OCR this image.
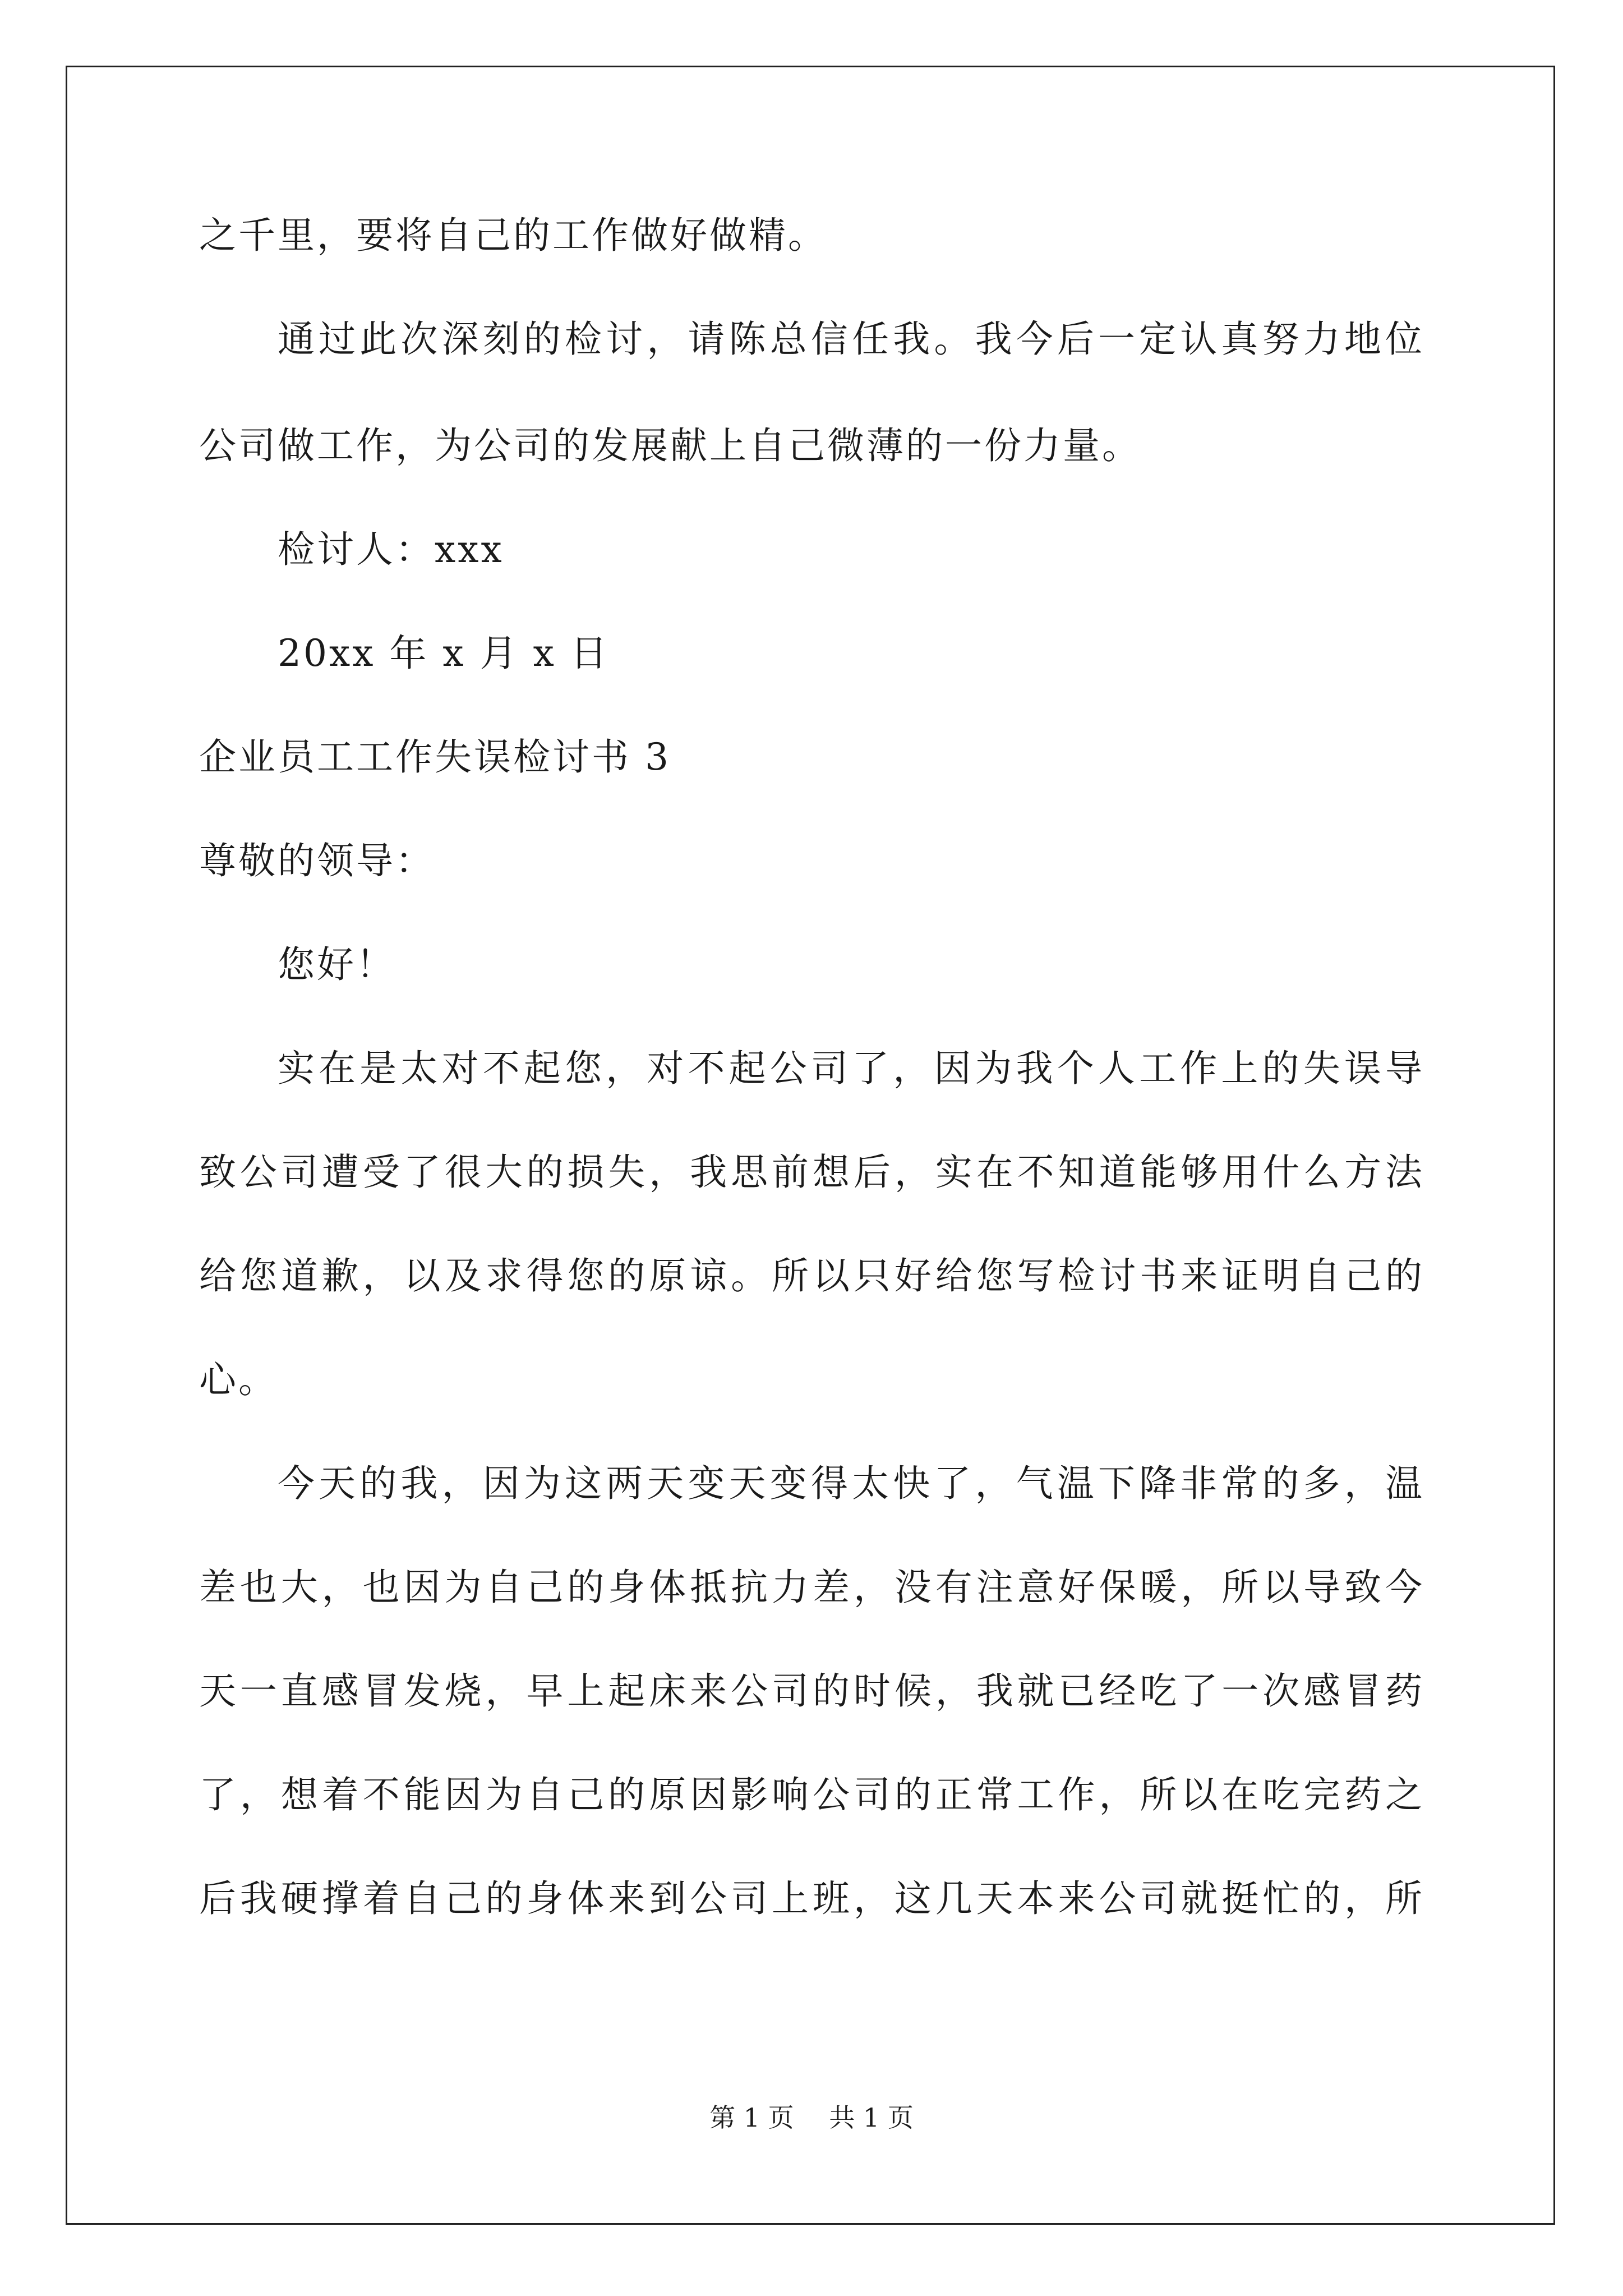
之千里，要将自己的工作做好做精。
通过此次深刻的检讨，请陈总信任我。我今后一定认真努力地位
公司做工作，为公司的发展献上自己微薄的一份力量。
检讨人：xxx
20xx 年 x 月 x 日
企业员工工作失误检讨书 3
尊敬的领导：
您好！
实在是太对不起您，对不起公司了，因为我个人工作上的失误导
致公司遭受了很大的损失，我思前想后，实在不知道能够用什么方法
给您道歉，以及求得您的原谅。所以只好给您写检讨书来证明自己的
心。
今天的我，因为这两天变天变得太快了，气温下降非常的多，温
差也大，也因为自己的身体抵抗力差，没有注意好保暖，所以导致今
天一直感冒发烧，早上起床来公司的时候，我就已经吃了一次感冒药
了，想着不能因为自己的原因影响公司的正常工作，所以在吃完药之
后我硬撑着自己的身体来到公司上班，这几天本来公司就挺忙的，所
第 1 页 共 1 页
